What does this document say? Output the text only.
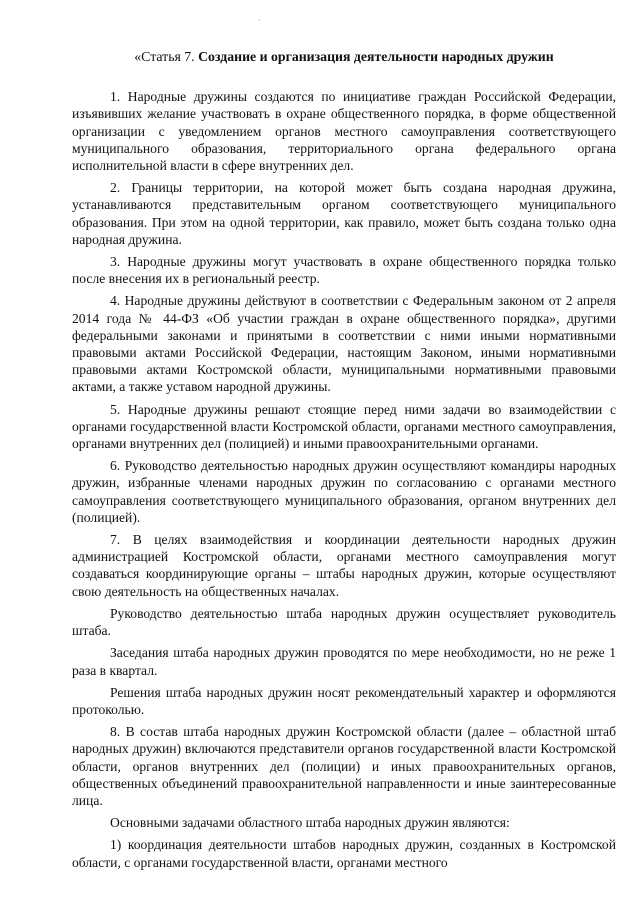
·
«Статья 7. Создание и организация деятельности народных дружин

1. Народные дружины создаются по инициативе граждан Российской Федерации, изъявивших желание участвовать в охране общественного порядка, в форме общественной организации с уведомлением органов местного самоуправления соответствующего муниципального образования, территориального органа федерального органа исполнительной власти в сфере внутренних дел.

2. Границы территории, на которой может быть создана народная дружина, устанавливаются представительным органом соответствующего муниципального образования. При этом на одной территории, как правило, может быть создана только одна народная дружина.

3. Народные дружины могут участвовать в охране общественного порядка только после внесения их в региональный реестр.

4. Народные дружины действуют в соответствии с Федеральным законом от 2 апреля 2014 года № 44-ФЗ «Об участии граждан в охране общественного порядка», другими федеральными законами и принятыми в соответствии с ними иными нормативными правовыми актами Российской Федерации, настоящим Законом, иными нормативными правовыми актами Костромской области, муниципальными нормативными правовыми актами, а также уставом народной дружины.

5. Народные дружины решают стоящие перед ними задачи во взаимодействии с органами государственной власти Костромской области, органами местного самоуправления, органами внутренних дел (полицией) и иными правоохранительными органами.

6. Руководство деятельностью народных дружин осуществляют командиры народных дружин, избранные членами народных дружин по согласованию с органами местного самоуправления соответствующего муниципального образования, органом внутренних дел (полицией).

7. В целях взаимодействия и координации деятельности народных дружин администрацией Костромской области, органами местного самоуправления могут создаваться координирующие органы – штабы народных дружин, которые осуществляют свою деятельность на общественных началах.

Руководство деятельностью штаба народных дружин осуществляет руководитель штаба.

Заседания штаба народных дружин проводятся по мере необходимости, но не реже 1 раза в квартал.

Решения штаба народных дружин носят рекомендательный характер и оформляются протоколью.

8. В состав штаба народных дружин Костромской области (далее – областной штаб народных дружин) включаются представители органов государственной власти Костромской области, органов внутренних дел (полиции) и иных правоохранительных органов, общественных объединений правоохранительной направленности и иные заинтересованные лица.

Основными задачами областного штаба народных дружин являются:

1) координация деятельности штабов народных дружин, созданных в Костромской области, с органами государственной власти, органами местного
